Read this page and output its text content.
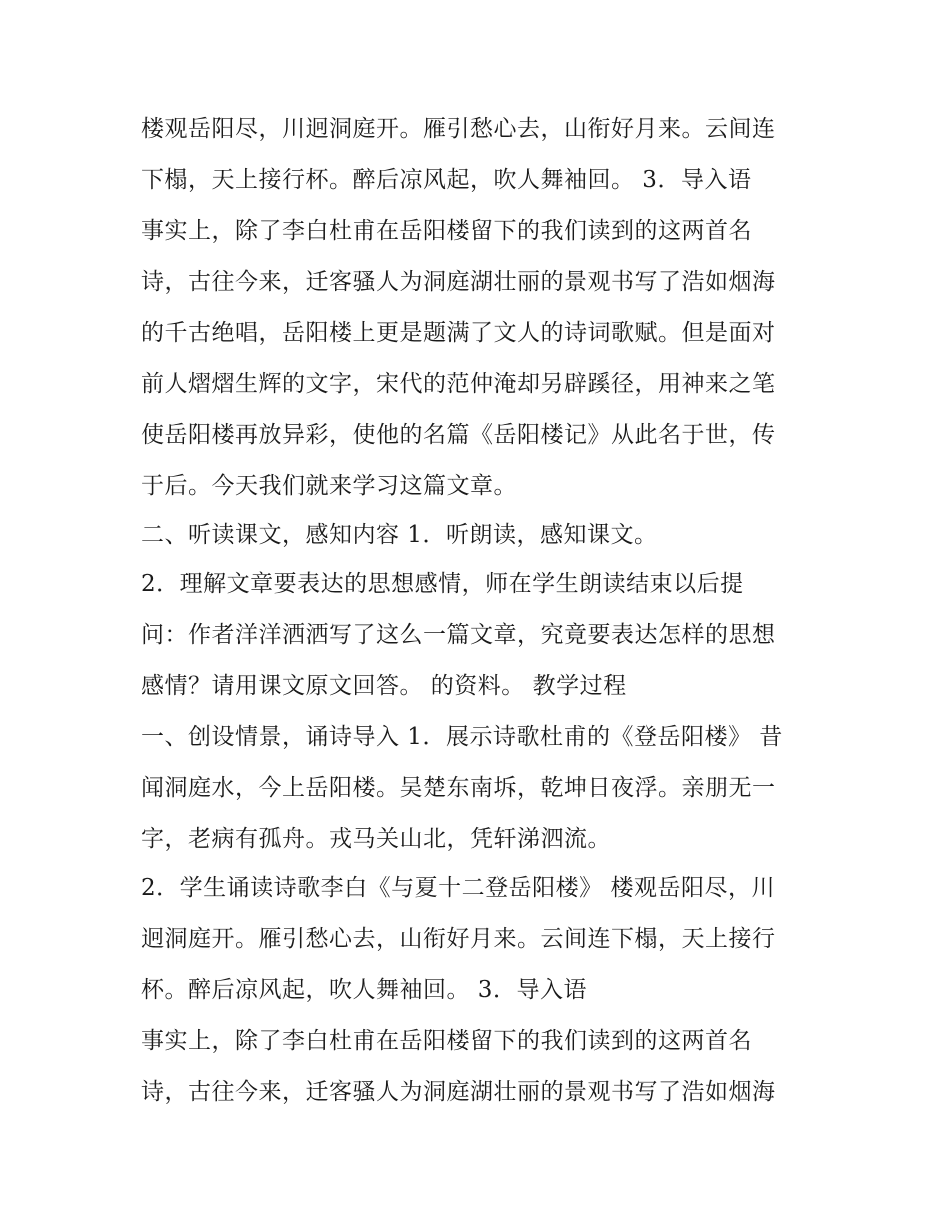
楼观岳阳尽，川迥洞庭开。雁引愁心去，山衔好月来。云间连
下榻，天上接行杯。醉后凉风起，吹人舞袖回。 3．导入语
事实上，除了李白杜甫在岳阳楼留下的我们读到的这两首名
诗，古往今来，迁客骚人为洞庭湖壮丽的景观书写了浩如烟海
的千古绝唱，岳阳楼上更是题满了文人的诗词歌赋。但是面对
前人熠熠生辉的文字，宋代的范仲淹却另辟蹊径，用神来之笔
使岳阳楼再放异彩，使他的名篇《岳阳楼记》从此名于世，传
于后。今天我们就来学习这篇文章。
二、听读课文，感知内容 1．听朗读，感知课文。
2．理解文章要表达的思想感情，师在学生朗读结束以后提
问：作者洋洋洒洒写了这么一篇文章，究竟要表达怎样的思想
感情？请用课文原文回答。 的资料。 教学过程
一、创设情景，诵诗导入 1．展示诗歌杜甫的《登岳阳楼》 昔
闻洞庭水，今上岳阳楼。吴楚东南坼，乾坤日夜浮。亲朋无一
字，老病有孤舟。戎马关山北，凭轩涕泗流。
2．学生诵读诗歌李白《与夏十二登岳阳楼》 楼观岳阳尽，川
迥洞庭开。雁引愁心去，山衔好月来。云间连下榻，天上接行
杯。醉后凉风起，吹人舞袖回。 3．导入语
事实上，除了李白杜甫在岳阳楼留下的我们读到的这两首名
诗，古往今来，迁客骚人为洞庭湖壮丽的景观书写了浩如烟海
